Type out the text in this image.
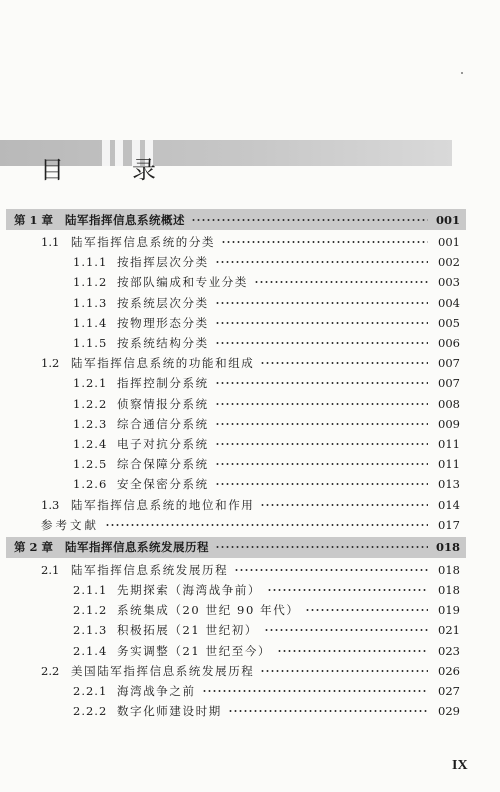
目　录
第 1 章 陆军指挥信息系统概述	001
1.1	陆军指挥信息系统的分类	001
1.1.1 按指挥层次分类	002
1.1.2 按部队编成和专业分类	003
1.1.3 按系统层次分类	004
1.1.4 按物理形态分类	005
1.1.5 按系统结构分类	006
1.2	陆军指挥信息系统的功能和组成	007
1.2.1 指挥控制分系统	007
1.2.2 侦察情报分系统	008
1.2.3 综合通信分系统	009
1.2.4 电子对抗分系统	011
1.2.5 综合保障分系统	011
1.2.6 安全保密分系统	013
1.3	陆军指挥信息系统的地位和作用	014
参考文献	017
第 2 章 陆军指挥信息系统发展历程	018
2.1	陆军指挥信息系统发展历程	018
2.1.1 先期探索（海湾战争前）	018
2.1.2 系统集成（20 世纪 90 年代）	019
2.1.3 积极拓展（21 世纪初）	021
2.1.4 务实调整（21 世纪至今）	023
2.2	美国陆军指挥信息系统发展历程	026
2.2.1 海湾战争之前	027
2.2.2 数字化师建设时期	029
IX
